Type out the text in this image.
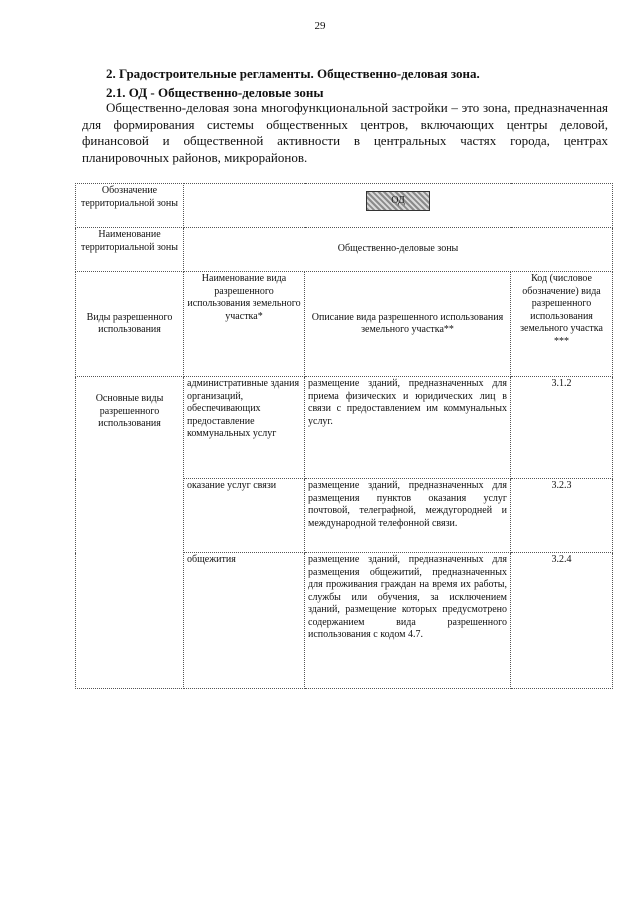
29
2. Градостроительные регламенты. Общественно-деловая зона.
2.1. ОД - Общественно-деловые зоны
Общественно-деловая зона многофункциональной застройки – это зона, предназначенная для формирования системы общественных центров, включающих центры деловой, финансовой и общественной активности в центральных частях города, центрах планировочных районов, микрорайонов.
Обозначение территориальной зоны	ОД		
Наименование территориальной зоны	Общественно-деловые зоны		
Виды разрешенного использования	Наименование вида разрешенного использования земельного участка*	Описание вида разрешенного использования земельного участка**	Код (числовое обозначение) вида разрешенного использования земельного участка ***
Основные виды разрешенного использования	административные здания организаций, обеспечивающих предоставление коммунальных услуг	размещение зданий, предназначенных для приема физических и юридических лиц в связи с предоставлением им коммунальных услуг.	3.1.2
	оказание услуг связи	размещение зданий, предназначенных для размещения пунктов оказания услуг почтовой, телеграфной, междугородней и международной телефонной связи.	3.2.3
	общежития	размещение зданий, предназначенных для размещения общежитий, предназначенных для проживания граждан на время их работы, службы или обучения, за исключением зданий, размещение которых предусмотрено содержанием вида разрешенного использования с кодом 4.7.	3.2.4
